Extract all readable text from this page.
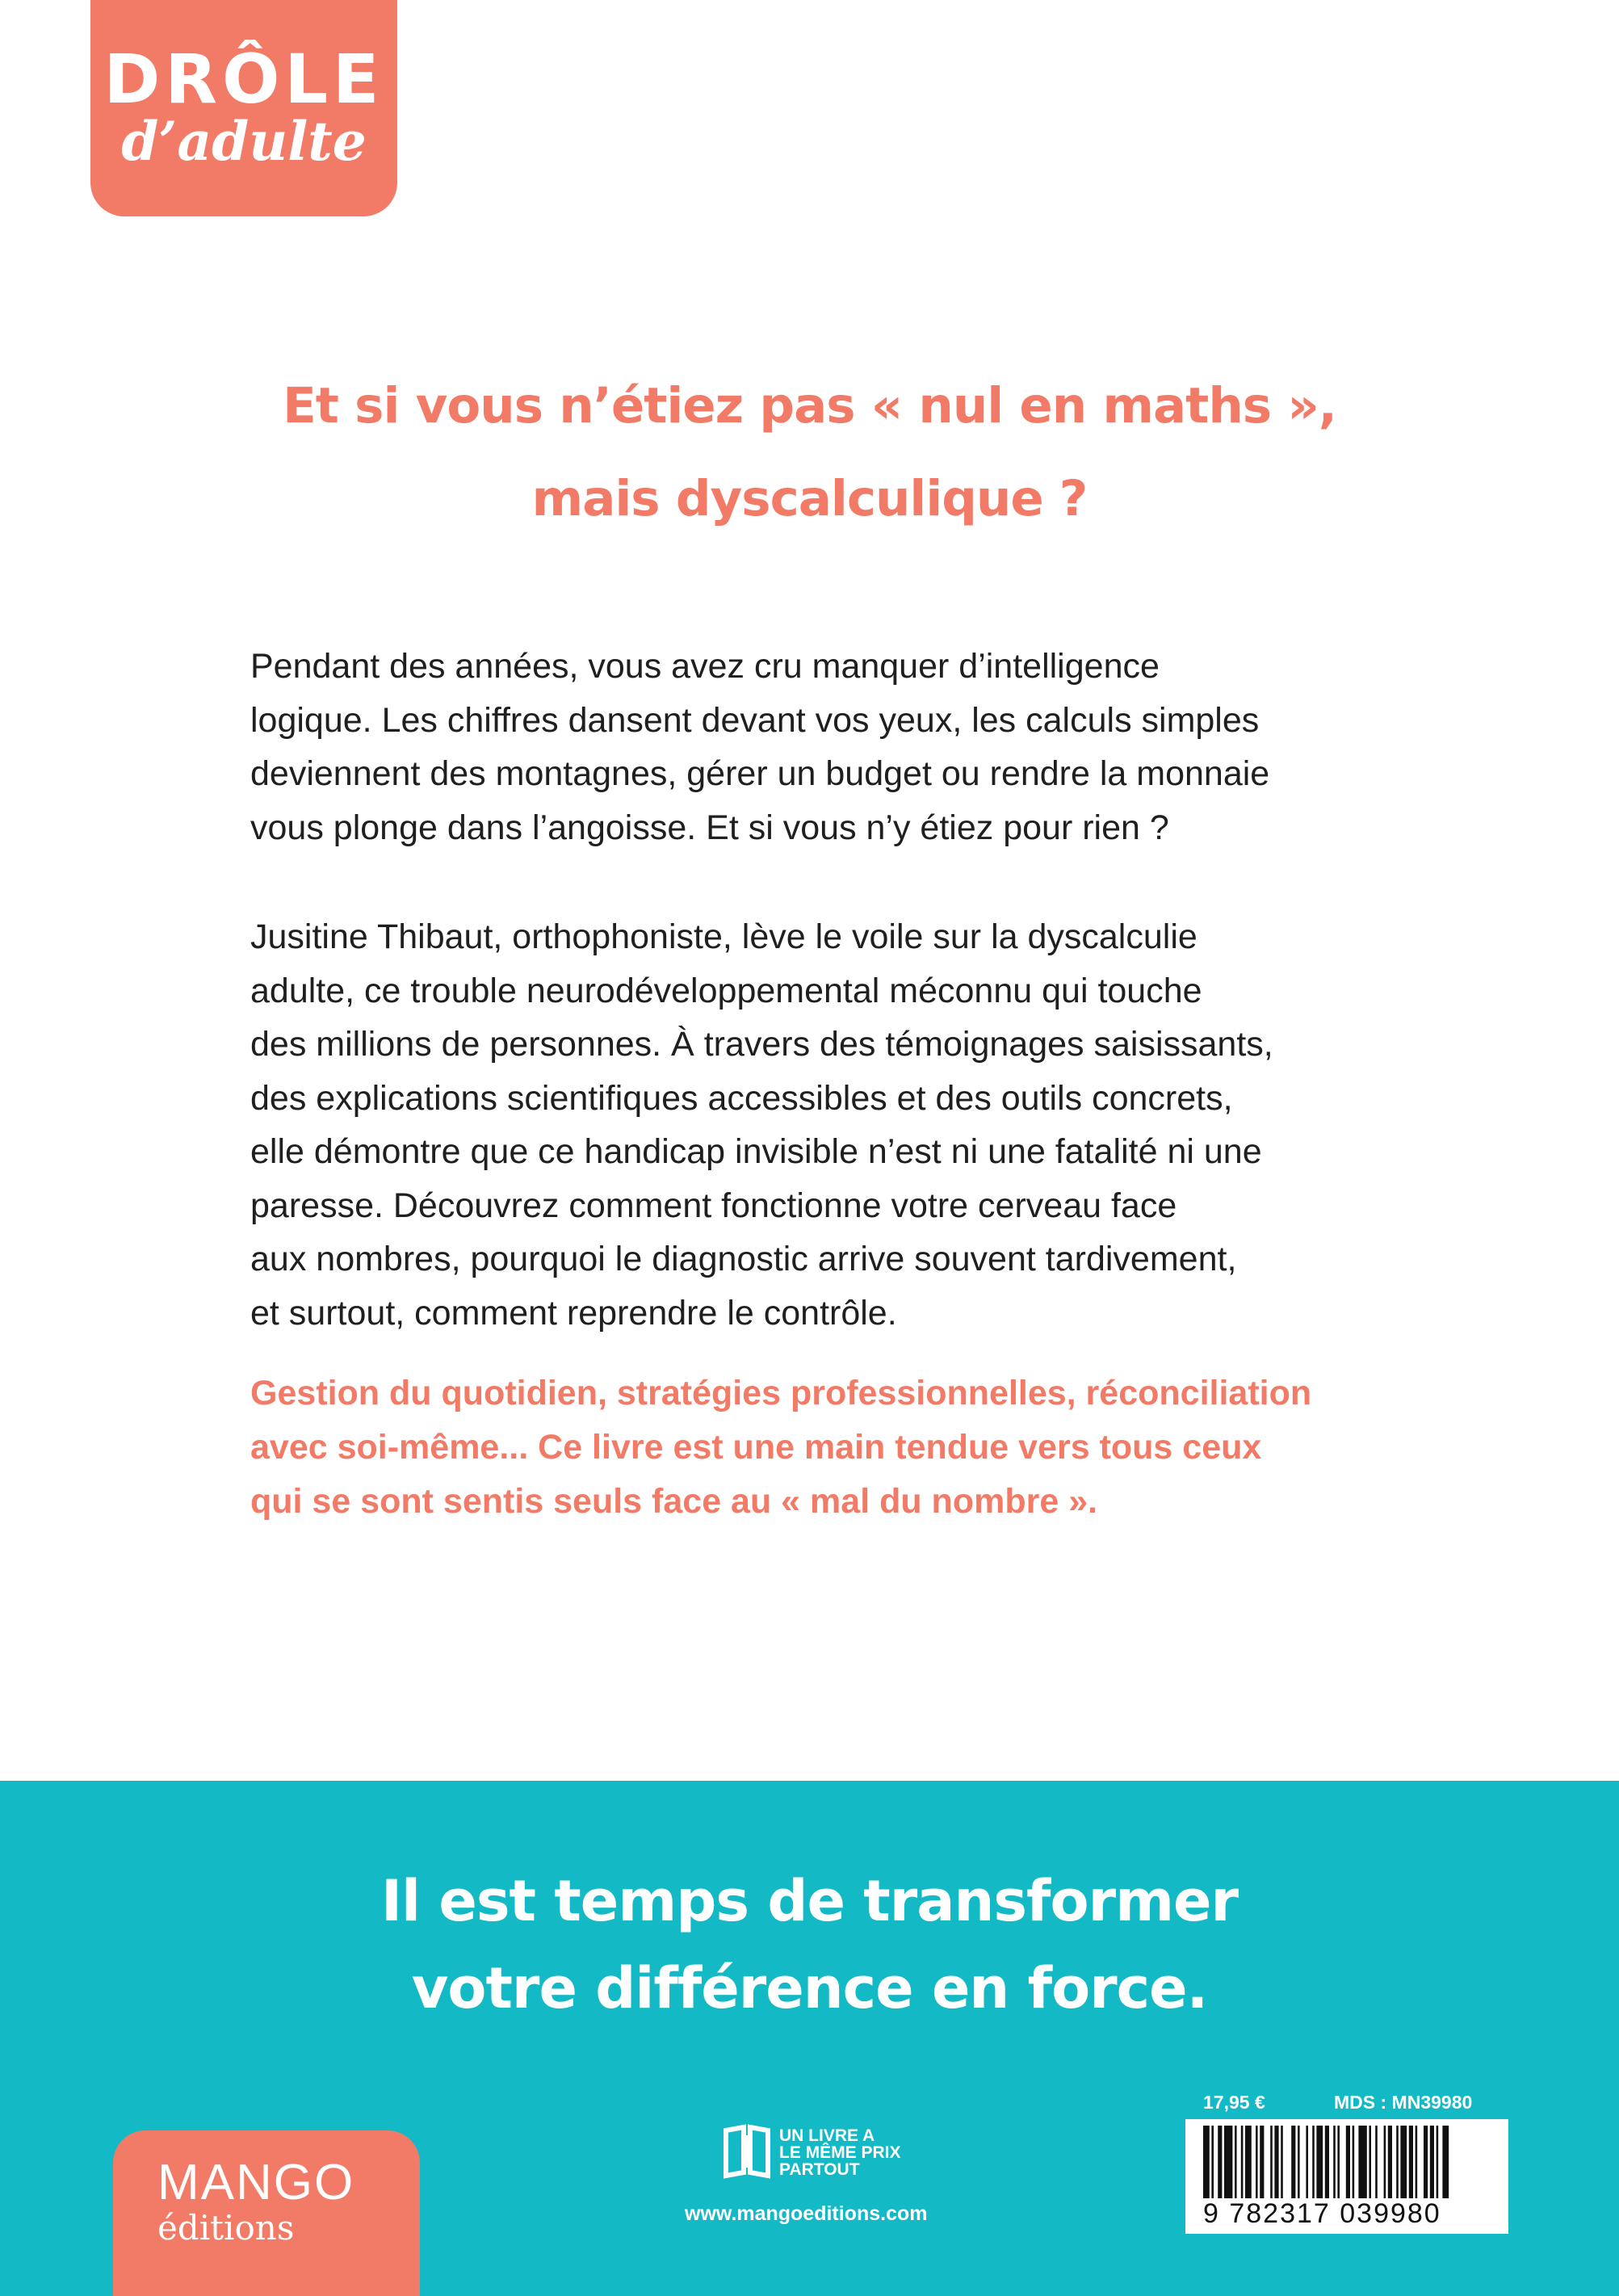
DRÔLE
d’adulte
Et si vous n’étiez pas « nul en maths »,
mais dyscalculique ?
Pendant des années, vous avez cru manquer d’intelligence
logique. Les chiffres dansent devant vos yeux, les calculs simples
deviennent des montagnes, gérer un budget ou rendre la monnaie
vous plonge dans l’angoisse. Et si vous n’y étiez pour rien ?
Jusitine Thibaut, orthophoniste, lève le voile sur la dyscalculie
adulte, ce trouble neurodéveloppemental méconnu qui touche
des millions de personnes. À travers des témoignages saisissants,
des explications scientifiques accessibles et des outils concrets,
elle démontre que ce handicap invisible n’est ni une fatalité ni une
paresse. Découvrez comment fonctionne votre cerveau face
aux nombres, pourquoi le diagnostic arrive souvent tardivement,
et surtout, comment reprendre le contrôle.
Gestion du quotidien, stratégies professionnelles, réconciliation
avec soi-même... Ce livre est une main tendue vers tous ceux
qui se sont sentis seuls face au « mal du nombre ».
Il est temps de transformer
votre différence en force.
MANGO
éditions
UN LIVRE A
LE MÊME PRIX
PARTOUT
www.mangoeditions.com
17,95 €	MDS : MN39980
9 782317 039980
